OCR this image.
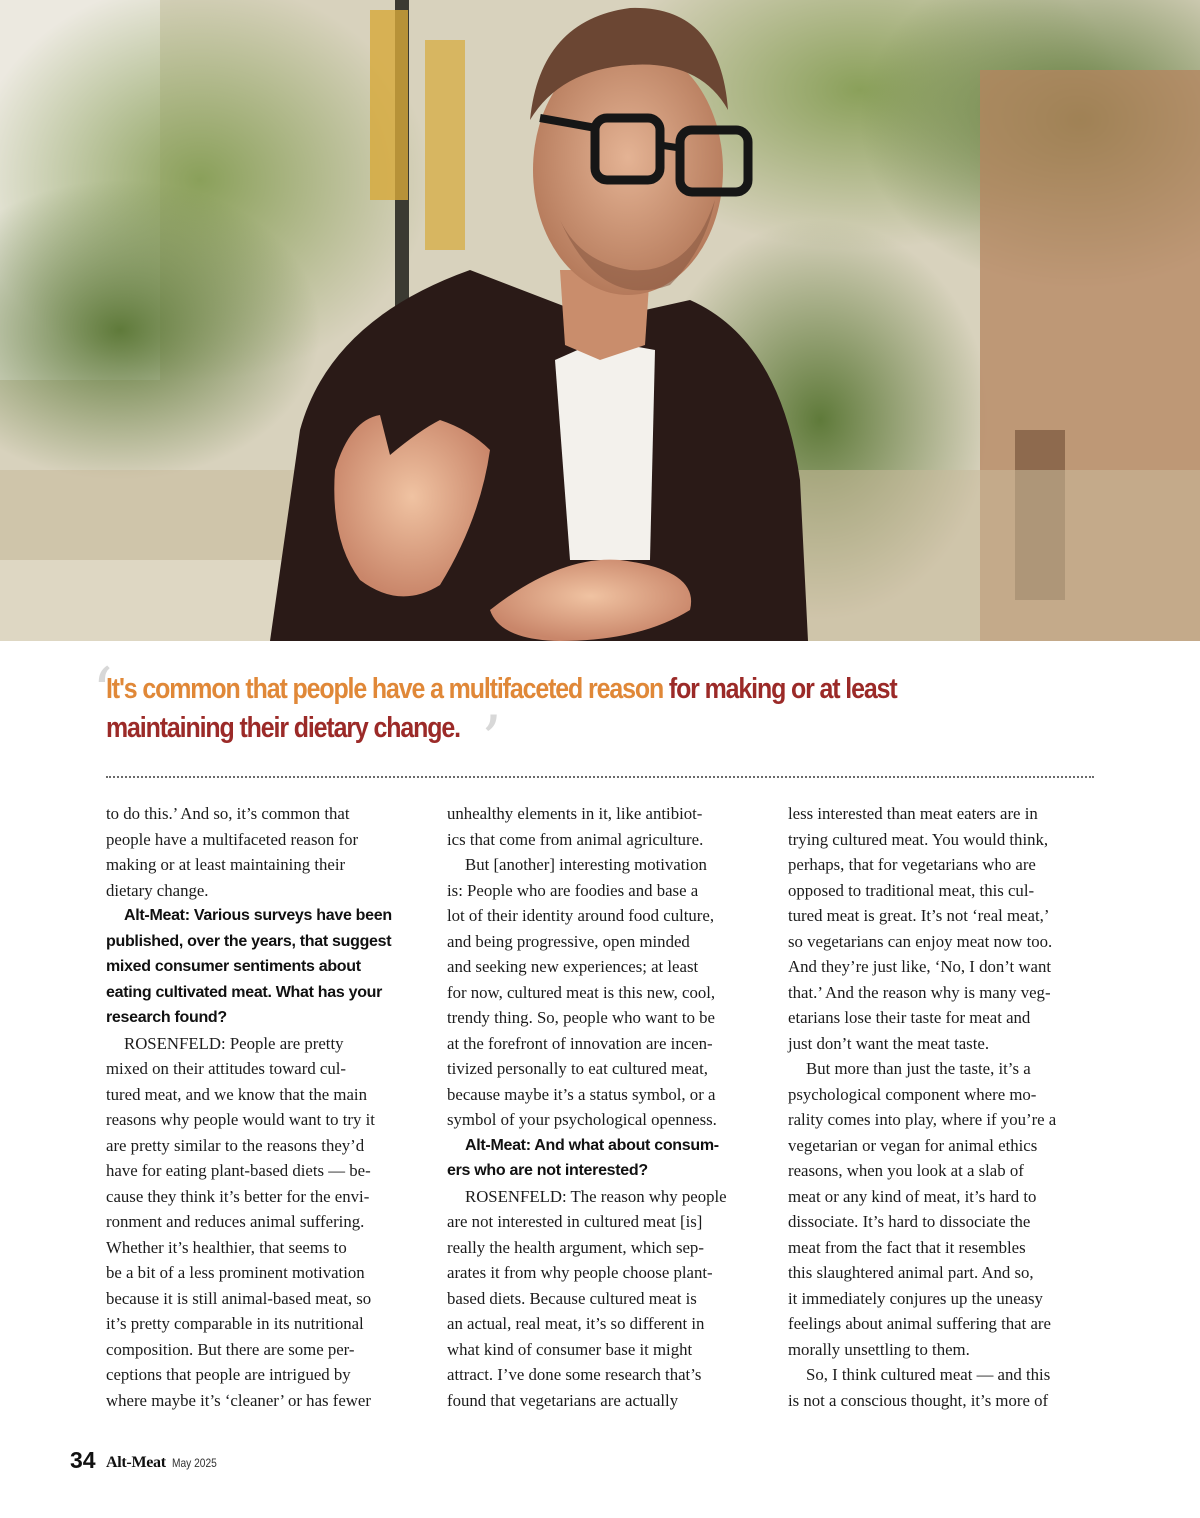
‘
It's common that people have a multifaceted reason for making or at least
maintaining their dietary change. ’

to do this.’ And so, it’s common that

people have a multifaceted reason for

making or at least maintaining their

dietary change.

Alt-Meat: Various surveys have been

published, over the years, that suggest

mixed consumer sentiments about

eating cultivated meat. What has your

research found?

ROSENFELD: People are pretty

mixed on their attitudes toward cul-

tured meat, and we know that the main

reasons why people would want to try it

are pretty similar to the reasons they’d

have for eating plant-based diets — be-

cause they think it’s better for the envi-

ronment and reduces animal suffering.

Whether it’s healthier, that seems to

be a bit of a less prominent motivation

because it is still animal-based meat, so

it’s pretty comparable in its nutritional

composition. But there are some per-

ceptions that people are intrigued by

where maybe it’s ‘cleaner’ or has fewer

unhealthy elements in it, like antibiot-

ics that come from animal agriculture.

But [another] interesting motivation

is: People who are foodies and base a

lot of their identity around food culture,

and being progressive, open minded

and seeking new experiences; at least

for now, cultured meat is this new, cool,

trendy thing. So, people who want to be

at the forefront of innovation are incen-

tivized personally to eat cultured meat,

because maybe it’s a status symbol, or a

symbol of your psychological openness.

Alt-Meat: And what about consum-

ers who are not interested?

ROSENFELD: The reason why people

are not interested in cultured meat [is]

really the health argument, which sep-

arates it from why people choose plant-

based diets. Because cultured meat is

an actual, real meat, it’s so different in

what kind of consumer base it might

attract. I’ve done some research that’s

found that vegetarians are actually

less interested than meat eaters are in

trying cultured meat. You would think,

perhaps, that for vegetarians who are

opposed to traditional meat, this cul-

tured meat is great. It’s not ‘real meat,’

so vegetarians can enjoy meat now too.

And they’re just like, ‘No, I don’t want

that.’ And the reason why is many veg-

etarians lose their taste for meat and

just don’t want the meat taste.

But more than just the taste, it’s a

psychological component where mo-

rality comes into play, where if you’re a

vegetarian or vegan for animal ethics

reasons, when you look at a slab of

meat or any kind of meat, it’s hard to

dissociate. It’s hard to dissociate the

meat from the fact that it resembles

this slaughtered animal part. And so,

it immediately conjures up the uneasy

feelings about animal suffering that are

morally unsettling to them.

So, I think cultured meat — and this

is not a conscious thought, it’s more of

34 Alt-Meat May 2025
